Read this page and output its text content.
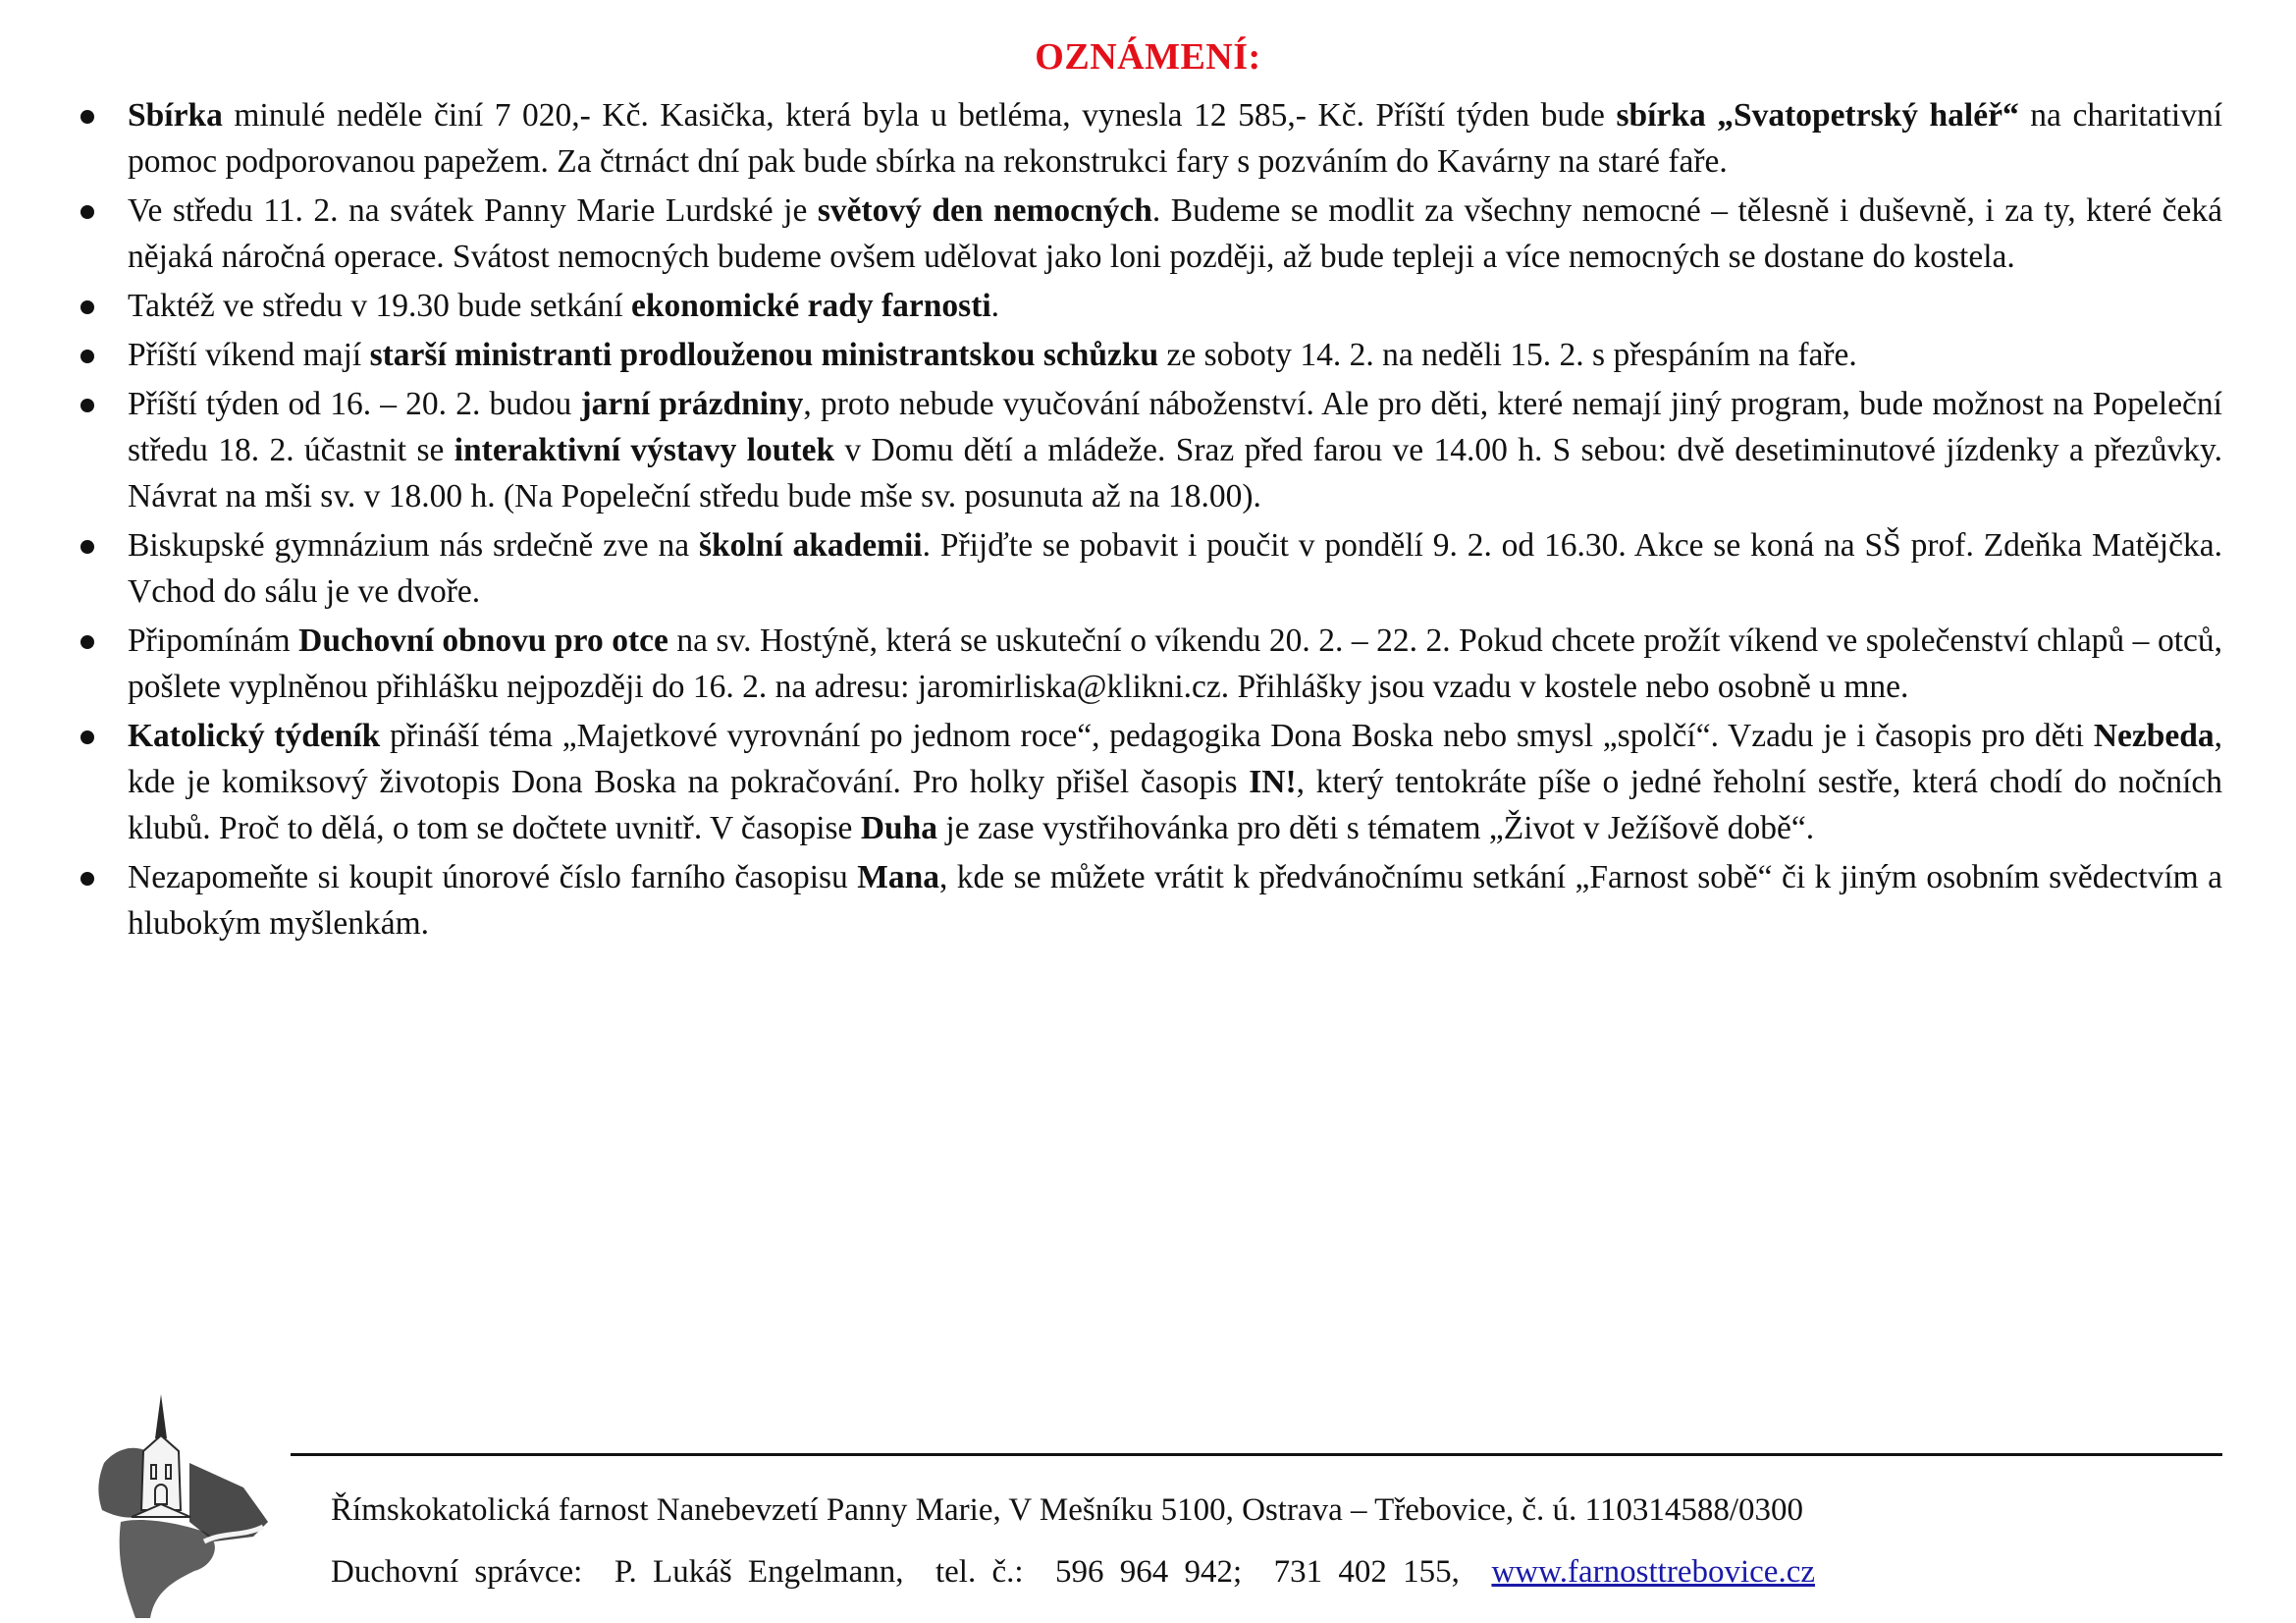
OZNÁMENÍ:
Sbírka minulé neděle činí 7 020,- Kč. Kasička, která byla u betléma, vynesla 12 585,- Kč. Příští týden bude sbírka „Svatopetrský haléř“ na charitativní pomoc podporovanou papežem. Za čtrnáct dní pak bude sbírka na rekonstrukci fary s pozváním do Kavárny na staré faře.
Ve středu 11. 2. na svátek Panny Marie Lurdské je světový den nemocných. Budeme se modlit za všechny nemocné – tělesně i duševně, i za ty, které čeká nějaká náročná operace. Svátost nemocných budeme ovšem udělovat jako loni později, až bude tepleji a více nemocných se dostane do kostela.
Taktéž ve středu v 19.30 bude setkání ekonomické rady farnosti.
Příští víkend mají starší ministranti prodlouženou ministrantskou schůzku ze soboty 14. 2. na neděli 15. 2. s přespáním na faře.
Příští týden od 16. – 20. 2. budou jarní prázdniny, proto nebude vyučování náboženství. Ale pro děti, které nemají jiný program, bude možnost na Popeleční středu 18. 2. účastnit se interaktivní výstavy loutek v Domu dětí a mládeže. Sraz před farou ve 14.00 h. S sebou: dvě desetiminutové jízdenky a přezůvky. Návrat na mši sv. v 18.00 h. (Na Popeleční středu bude mše sv. posunuta až na 18.00).
Biskupské gymnázium nás srdečně zve na školní akademii. Přijďte se pobavit i poučit v pondělí 9. 2. od 16.30. Akce se koná na SŠ prof. Zdeňka Matějčka. Vchod do sálu je ve dvoře.
Připomínám Duchovní obnovu pro otce na sv. Hostýně, která se uskuteční o víkendu 20. 2. – 22. 2. Pokud chcete prožít víkend ve společenství chlapů – otců, pošlete vyplněnou přihlášku nejpozději do 16. 2. na adresu: jaromirliska@klikni.cz. Přihlášky jsou vzadu v kostele nebo osobně u mne.
Katolický týdeník přináší téma „Majetkové vyrovnání po jednom roce“, pedagogika Dona Boska nebo smysl „spolčí“. Vzadu je i časopis pro děti Nezbeda, kde je komiksový životopis Dona Boska na pokračování. Pro holky přišel časopis IN!, který tentokráte píše o jedné řeholní sestře, která chodí do nočních klubů. Proč to dělá, o tom se dočtete uvnitř. V časopise Duha je zase vystřihovánka pro děti s tématem „Život v Ježíšově době“.
Nezapomeňte si koupit únorové číslo farního časopisu Mana, kde se můžete vrátit k předvánočnímu setkání „Farnost sobě“ či k jiným osobním svědectvím a hlubokým myšlenkám.
Římskokatolická farnost Nanebevzetí Panny Marie, V Mešníku 5100, Ostrava – Třebovice, č. ú. 110314588/0300
Duchovní správce:  P. Lukáš Engelmann,  tel. č.:  596 964 942;  731 402 155,  www.farnosttrebovice.cz
